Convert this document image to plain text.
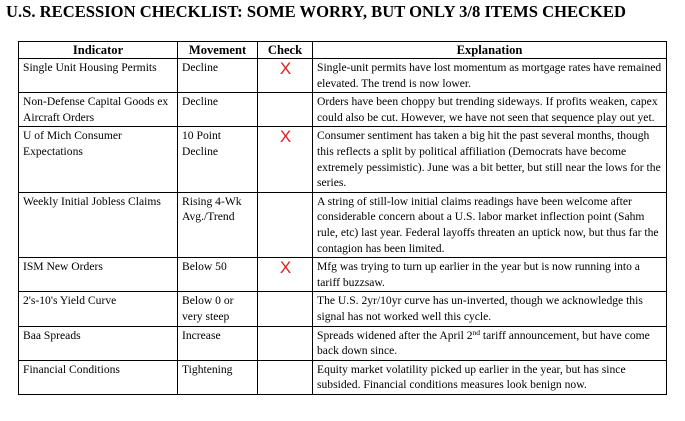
U.S. RECESSION CHECKLIST: SOME WORRY, BUT ONLY 3/8 ITEMS CHECKED
Indicator	Movement	Check	Explanation
Single Unit Housing Permits	Decline	X	Single-unit permits have lost momentum as mortgage rates have remained elevated. The trend is now lower.
Non-Defense Capital Goods ex Aircraft Orders	Decline		Orders have been choppy but trending sideways. If profits weaken, capex could also be cut. However, we have not seen that sequence play out yet.
U of Mich Consumer Expectations	10 Point Decline	X	Consumer sentiment has taken a big hit the past several months, though this reflects a split by political affiliation (Democrats have become extremely pessimistic). June was a bit better, but still near the lows for the series.
Weekly Initial Jobless Claims	Rising 4-Wk Avg./Trend		A string of still-low initial claims readings have been welcome after considerable concern about a U.S. labor market inflection point (Sahm rule, etc) last year. Federal layoffs threaten an uptick now, but thus far the contagion has been limited.
ISM New Orders	Below 50	X	Mfg was trying to turn up earlier in the year but is now running into a tariff buzzsaw.
2's-10's Yield Curve	Below 0 or very steep		The U.S. 2yr/10yr curve has un-inverted, though we acknowledge this signal has not worked well this cycle.
Baa Spreads	Increase		Spreads widened after the April 2nd tariff announcement, but have come back down since.
Financial Conditions	Tightening		Equity market volatility picked up earlier in the year, but has since subsided. Financial conditions measures look benign now.
